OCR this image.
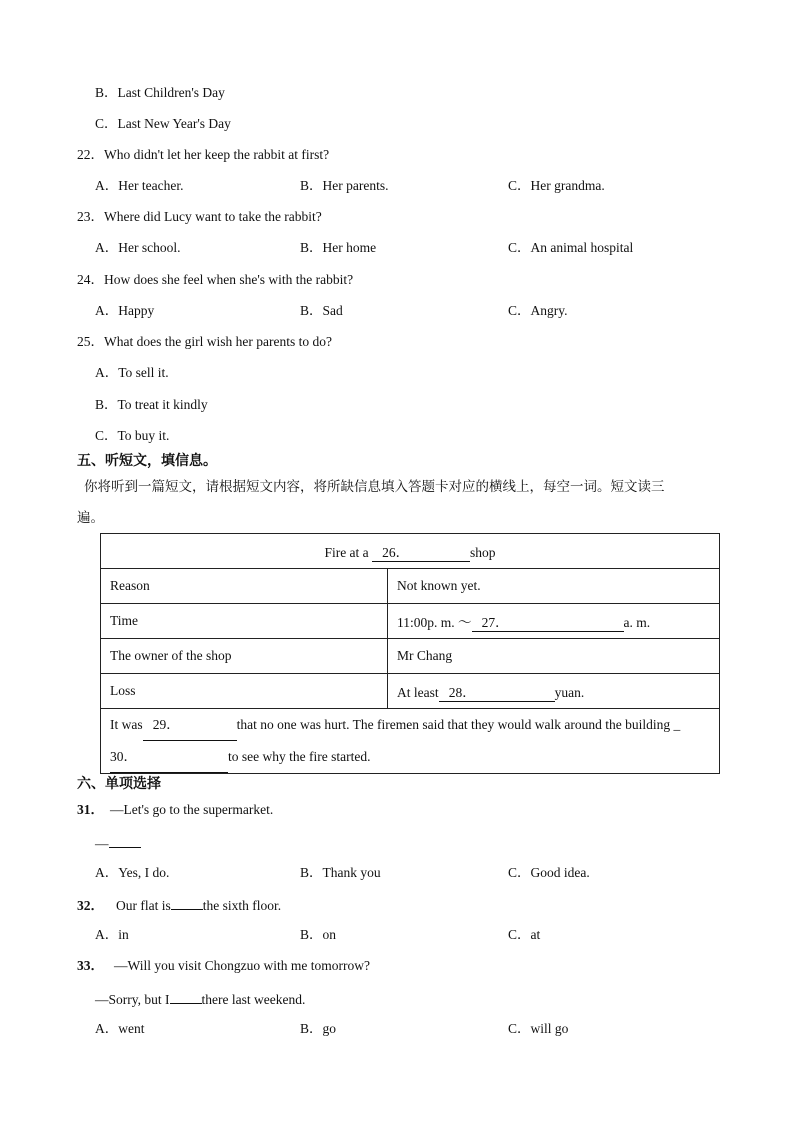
B．Last Children's Day
C．Last New Year's Day
22．Who didn't let her keep the rabbit at first?
A．Her teacher.	B．Her parents.	C．Her grandma.
23．Where did Lucy want to take the rabbit?
A．Her school.	B．Her home	C．An animal hospital
24．How does she feel when she's with the rabbit?
A．Happy	B．Sad	C．Angry.
25．What does the girl wish her parents to do?
A．To sell it.
B．To treat it kindly
C．To buy it.
五、听短文，填信息。
你将听到一篇短文，请根据短文内容，将所缺信息填入答题卡对应的横线上，每空一词。短文读三
遍。
Fire at a    26． shop	
Reason	Not known yet.
Time	11:00p. m. ～ 27． a. m.
The owner of the shop	Mr Chang
Loss	At least 28． yuan.
It was 29． that no one was hurt. The firemen said that they would walk around the building _
30． to see why the fire started.	
六、单项选择
31． —Let's go to the supermarket.
—
A．Yes, I do.	B．Thank you	C．Good idea.
32． Our flat is the sixth floor.
A．in	B．on	C．at
33． —Will you visit Chongzuo with me tomorrow?
—Sorry, but I there last weekend.
A．went	B．go	C．will go
